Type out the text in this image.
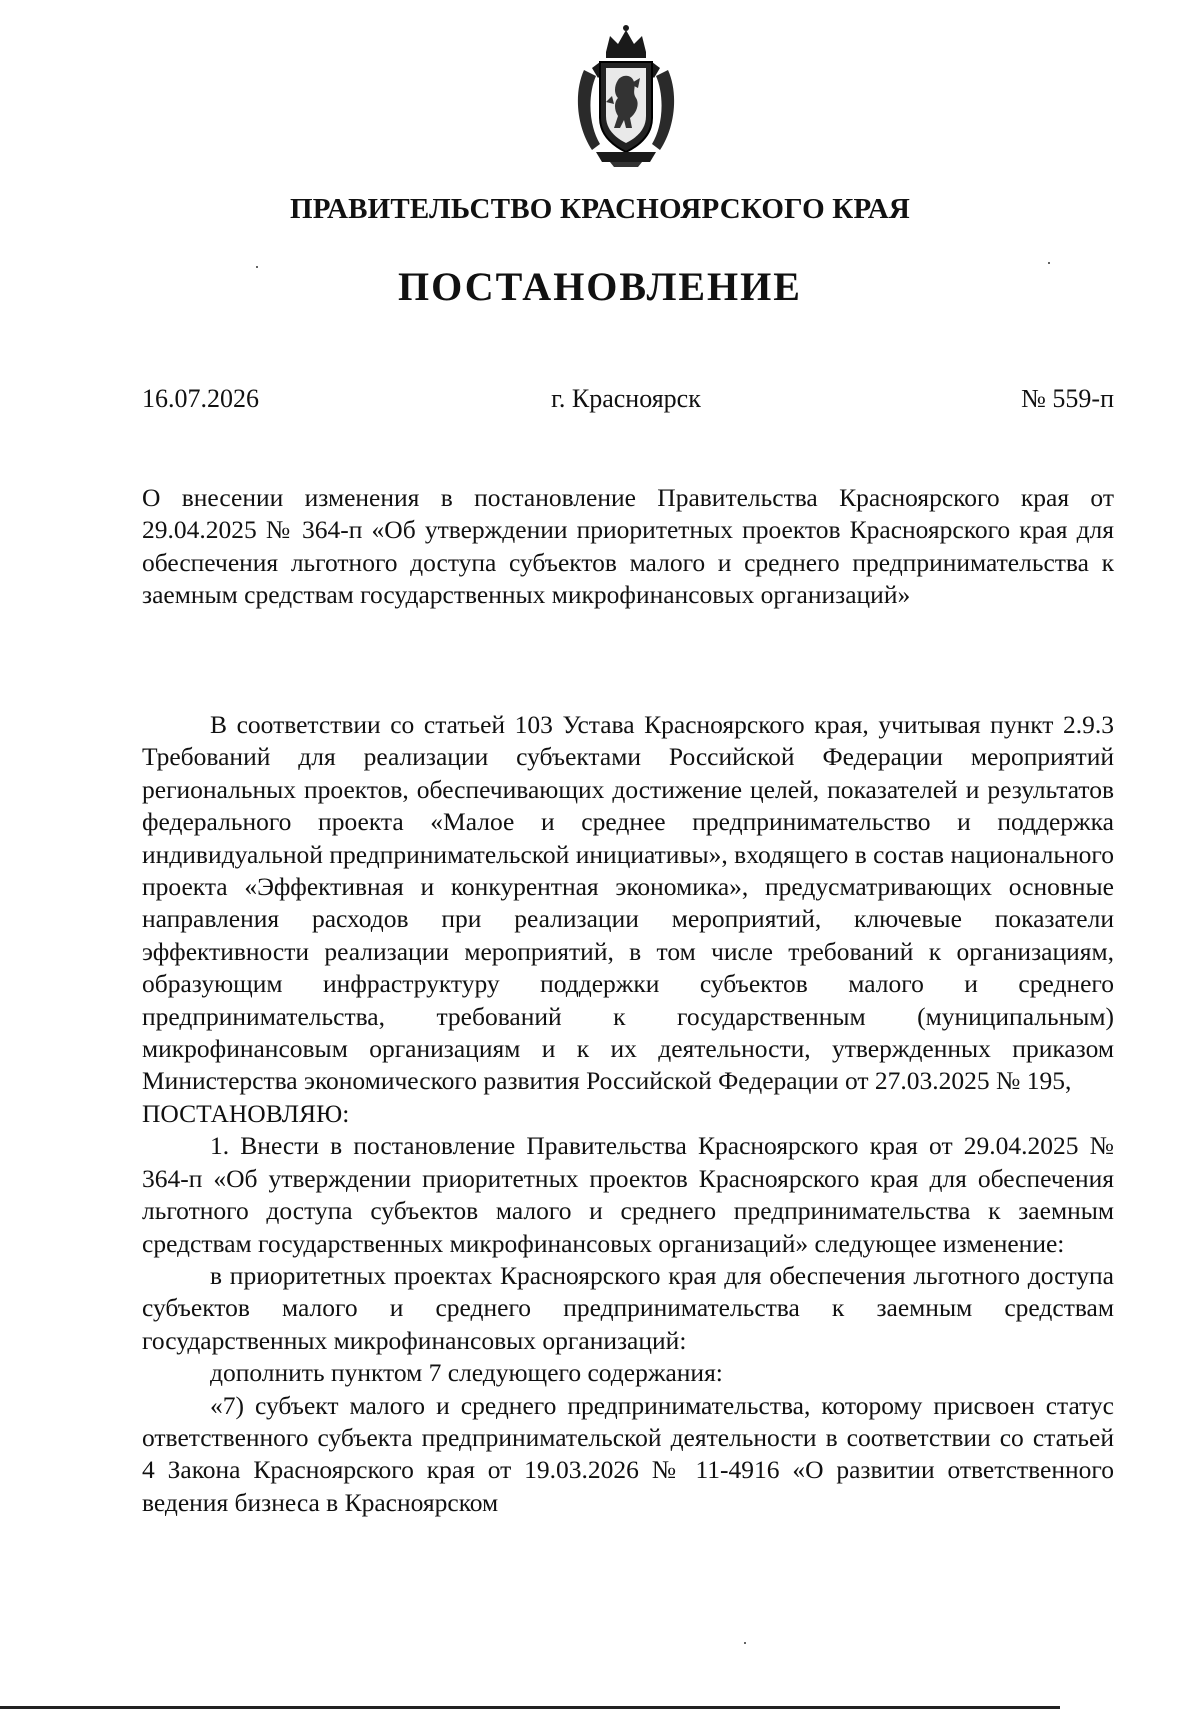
ПРАВИТЕЛЬСТВО КРАСНОЯРСКОГО КРАЯ
ПОСТАНОВЛЕНИЕ
16.07.2026	г. Красноярск	№ 559-п

О внесении изменения в постановление Правительства Красноярского края от 29.04.2025 № 364-п «Об утверждении приоритетных проектов Красноярского края для обеспечения льготного доступа субъектов малого и среднего предпринимательства к заемным средствам государственных микрофинансовых организаций»

В соответствии со статьей 103 Устава Красноярского края, учитывая пункт 2.9.3 Требований для реализации субъектами Российской Федерации мероприятий региональных проектов, обеспечивающих достижение целей, показателей и результатов федерального проекта «Малое и среднее предпринимательство и поддержка индивидуальной предпринимательской инициативы», входящего в состав национального проекта «Эффективная и конкурентная экономика», предусматривающих основные направления расходов при реализации мероприятий, ключевые показатели эффективности реализации мероприятий, в том числе требований к организациям, образующим инфраструктуру поддержки субъектов малого и среднего предпринимательства, требований к государственным (муниципальным) микрофинансовым организациям и к их деятельности, утвержденных приказом Министерства экономического развития Российской Федерации от 27.03.2025 № 195,

ПОСТАНОВЛЯЮ:

1. Внести в постановление Правительства Красноярского края от 29.04.2025 № 364-п «Об утверждении приоритетных проектов Красноярского края для обеспечения льготного доступа субъектов малого и среднего предпринимательства к заемным средствам государственных микрофинансовых организаций» следующее изменение:

в приоритетных проектах Красноярского края для обеспечения льготного доступа субъектов малого и среднего предпринимательства к заемным средствам государственных микрофинансовых организаций:

дополнить пунктом 7 следующего содержания:

«7) субъект малого и среднего предпринимательства, которому присвоен статус ответственного субъекта предпринимательской деятельности в соответствии со статьей 4 Закона Красноярского края от 19.03.2026 № 11-4916 «О развитии ответственного ведения бизнеса в Красноярском
